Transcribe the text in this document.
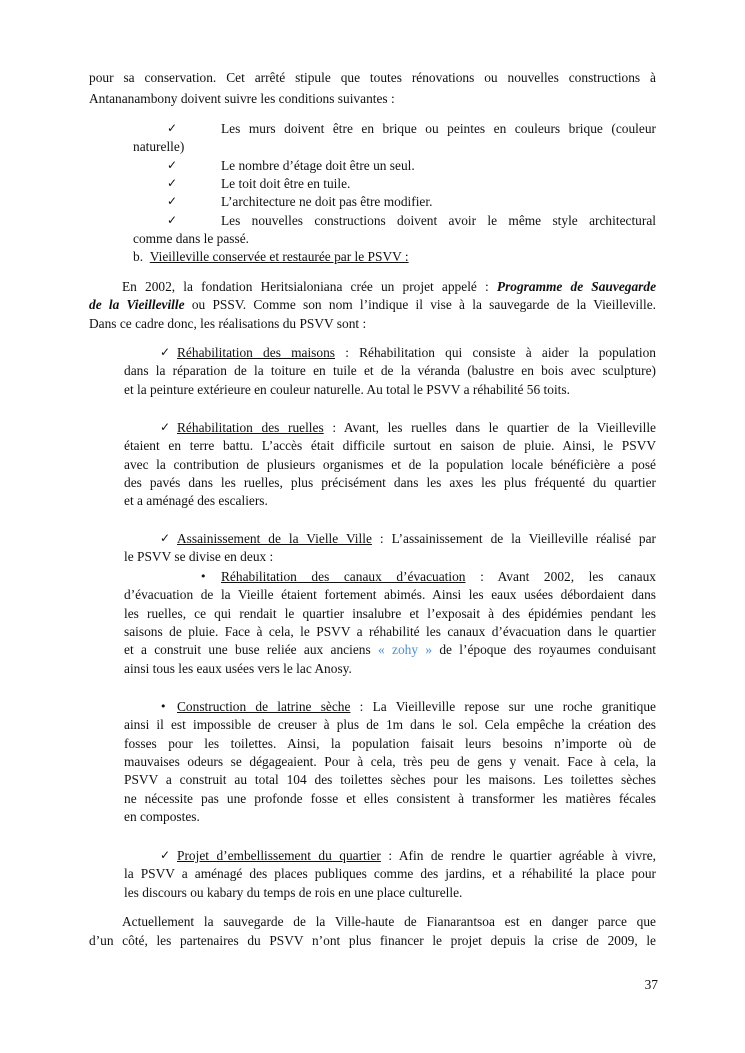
pour sa conservation. Cet arrêté stipule que toutes rénovations ou nouvelles constructions à
Antananambony doivent suivre les conditions suivantes :
✓	Les murs doivent être en brique ou peintes en couleurs brique (couleur
naturelle)
✓	Le nombre d’étage doit être un seul.
✓	Le toit doit être en tuile.
✓	L’architecture ne doit pas être modifier.
✓	Les nouvelles constructions doivent avoir le même style architectural
comme dans le passé.
b. Vieilleville conservée et restaurée par le PSVV :
En 2002, la fondation Heritsialoniana crée un projet appelé : Programme de Sauvegarde
de la Vieilleville ou PSSV. Comme son nom l’indique il vise à la sauvegarde de la Vieilleville.
Dans ce cadre donc, les réalisations du PSVV sont :
✓ Réhabilitation des maisons : Réhabilitation qui consiste à aider la population
dans la réparation de la toiture en tuile et de la véranda (balustre en bois avec sculpture)
et la peinture extérieure en couleur naturelle. Au total le PSVV a réhabilité 56 toits.
✓ Réhabilitation des ruelles : Avant, les ruelles dans le quartier de la Vieilleville
étaient en terre battu. L’accès était difficile surtout en saison de pluie. Ainsi, le PSVV
avec la contribution de plusieurs organismes et de la population locale bénéficière a posé
des pavés dans les ruelles, plus précisément dans les axes les plus fréquenté du quartier
et a aménagé des escaliers.
✓ Assainissement de la Vielle Ville : L’assainissement de la Vieilleville réalisé par
le PSVV se divise en deux :
• Réhabilitation des canaux d’évacuation : Avant 2002, les canaux
d’évacuation de la Vieille étaient fortement abimés. Ainsi les eaux usées débordaient dans
les ruelles, ce qui rendait le quartier insalubre et l’exposait à des épidémies pendant les
saisons de pluie. Face à cela, le PSVV a réhabilité les canaux d’évacuation dans le quartier
et a construit une buse reliée aux anciens « zohy » de l’époque des royaumes conduisant
ainsi tous les eaux usées vers le lac Anosy.
• Construction de latrine sèche : La Vieilleville repose sur une roche granitique
ainsi il est impossible de creuser à plus de 1m dans le sol. Cela empêche la création des
fosses pour les toilettes. Ainsi, la population faisait leurs besoins n’importe où de
mauvaises odeurs se dégageaient. Pour à cela, très peu de gens y venait. Face à cela, la
PSVV a construit au total 104 des toilettes sèches pour les maisons. Les toilettes sèches
ne nécessite pas une profonde fosse et elles consistent à transformer les matières fécales
en compostes.
✓ Projet d’embellissement du quartier : Afin de rendre le quartier agréable à vivre,
la PSVV a aménagé des places publiques comme des jardins, et a réhabilité la place pour
les discours ou kabary du temps de rois en une place culturelle.
Actuellement la sauvegarde de la Ville-haute de Fianarantsoa est en danger parce que
d’un côté, les partenaires du PSVV n’ont plus financer le projet depuis la crise de 2009, le
37
